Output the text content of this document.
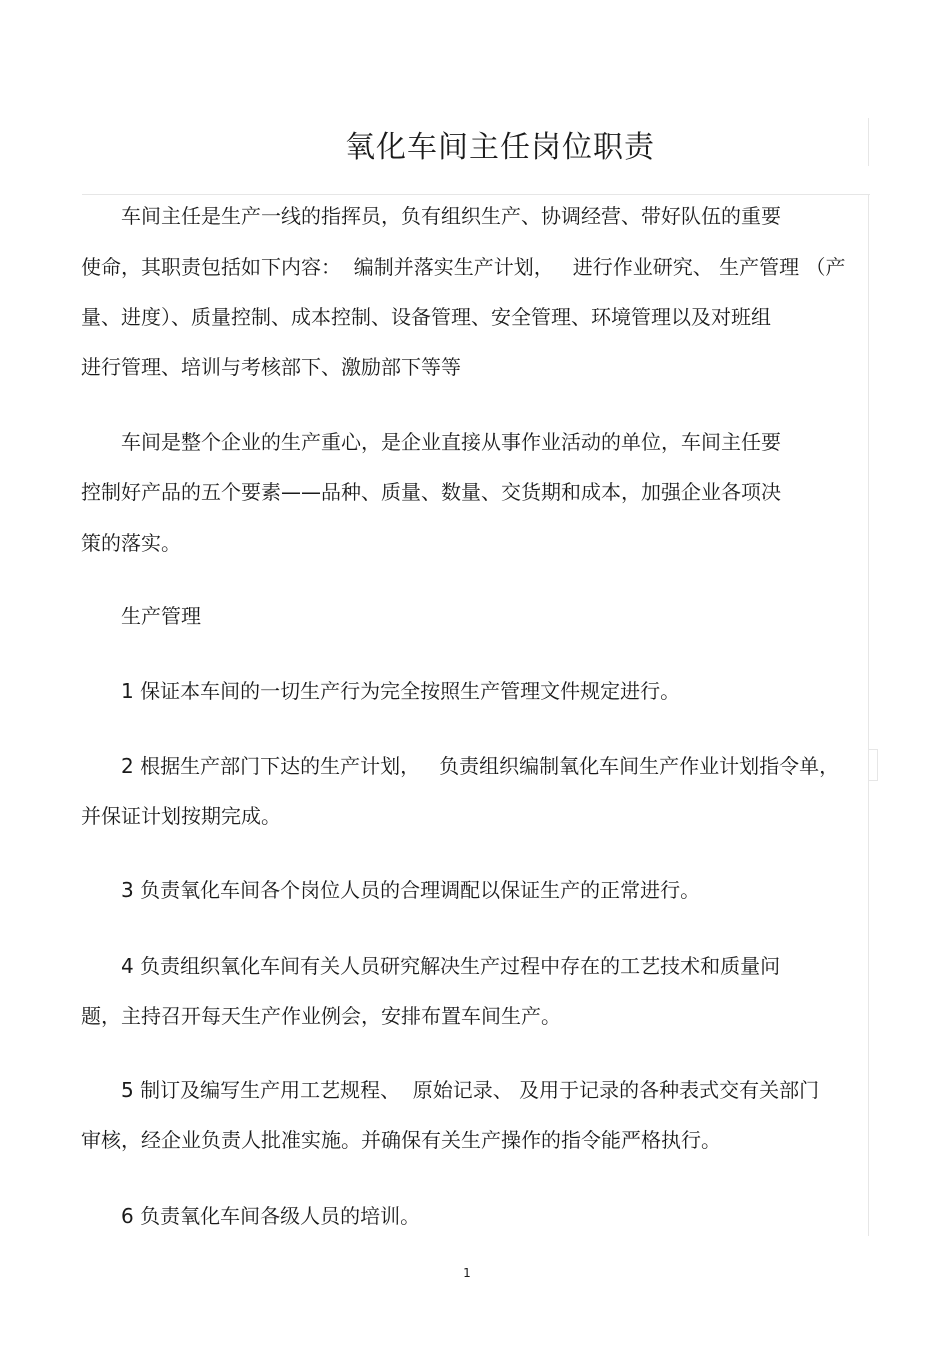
氧化车间主任岗位职责
车间主任是生产一线的指挥员，负有组织生产、协调经营、带好队伍的重要
使命，其职责包括如下内容：  编制并落实生产计划，   进行作业研究、 生产管理 （产
量、进度）、质量控制、成本控制、设备管理、安全管理、环境管理以及对班组
进行管理、培训与考核部下、激励部下等等
车间是整个企业的生产重心，是企业直接从事作业活动的单位，车间主任要
控制好产品的五个要素——品种、质量、数量、交货期和成本，加强企业各项决
策的落实。
生产管理
1 保证本车间的一切生产行为完全按照生产管理文件规定进行。
2 根据生产部门下达的生产计划，   负责组织编制氧化车间生产作业计划指令单，
并保证计划按期完成。
3 负责氧化车间各个岗位人员的合理调配以保证生产的正常进行。
4 负责组织氧化车间有关人员研究解决生产过程中存在的工艺技术和质量问
题，主持召开每天生产作业例会，安排布置车间生产。
5 制订及编写生产用工艺规程、  原始记录、 及用于记录的各种表式交有关部门
审核，经企业负责人批准实施。并确保有关生产操作的指令能严格执行。
6 负责氧化车间各级人员的培训。
1
